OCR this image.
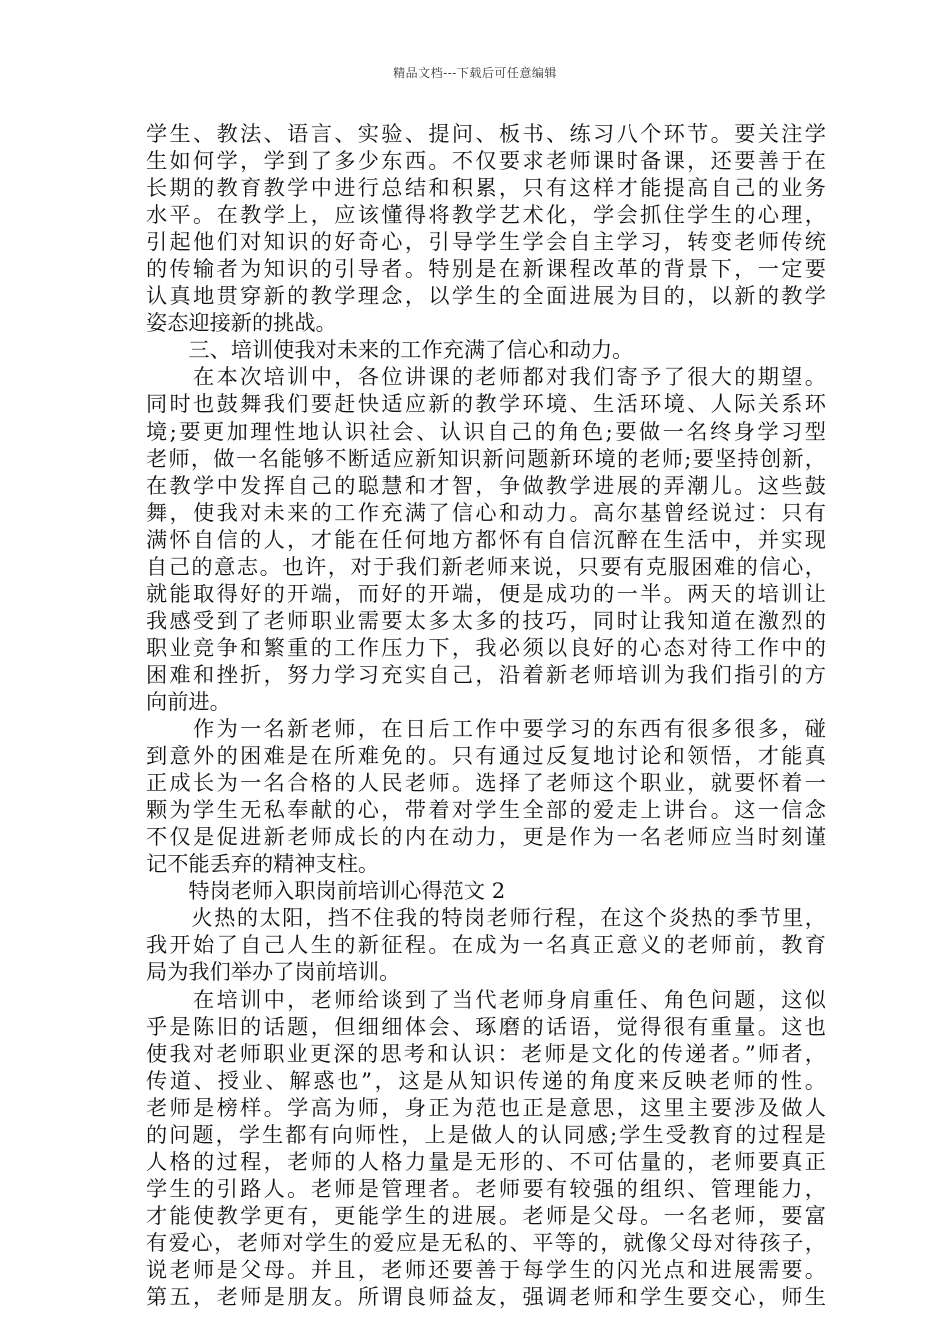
精品文档---下载后可任意编辑
学生、教法、语言、实验、提问、板书、练习八个环节。要关注学
生如何学，学到了多少东西。不仅要求老师课时备课，还要善于在
长期的教育教学中进行总结和积累，只有这样才能提高自己的业务
水平。在教学上，应该懂得将教学艺术化，学会抓住学生的心理，
引起他们对知识的好奇心，引导学生学会自主学习，转变老师传统
的传输者为知识的引导者。特别是在新课程改革的背景下，一定要
认真地贯穿新的教学理念，以学生的全面进展为目的，以新的教学
姿态迎接新的挑战。
　　三、培训使我对未来的工作充满了信心和动力。
　　在本次培训中，各位讲课的老师都对我们寄予了很大的期望。
同时也鼓舞我们要赶快适应新的教学环境、生活环境、人际关系环
境;要更加理性地认识社会、认识自己的角色;要做一名终身学习型
老师，做一名能够不断适应新知识新问题新环境的老师;要坚持创新，
在教学中发挥自己的聪慧和才智，争做教学进展的弄潮儿。这些鼓
舞，使我对未来的工作充满了信心和动力。高尔基曾经说过：只有
满怀自信的人，才能在任何地方都怀有自信沉醉在生活中，并实现
自己的意志。也许，对于我们新老师来说，只要有克服困难的信心，
就能取得好的开端，而好的开端，便是成功的一半。两天的培训让
我感受到了老师职业需要太多太多的技巧，同时让我知道在激烈的
职业竞争和繁重的工作压力下，我必须以良好的心态对待工作中的
困难和挫折，努力学习充实自己，沿着新老师培训为我们指引的方
向前进。
　　作为一名新老师，在日后工作中要学习的东西有很多很多，碰
到意外的困难是在所难免的。只有通过反复地讨论和领悟，才能真
正成长为一名合格的人民老师。选择了老师这个职业，就要怀着一
颗为学生无私奉献的心，带着对学生全部的爱走上讲台。这一信念
不仅是促进新老师成长的内在动力，更是作为一名老师应当时刻谨
记不能丢弃的精神支柱。
　　特岗老师入职岗前培训心得范文 2
　　火热的太阳，挡不住我的特岗老师行程，在这个炎热的季节里，
我开始了自己人生的新征程。在成为一名真正意义的老师前，教育
局为我们举办了岗前培训。
　　在培训中，老师给谈到了当代老师身肩重任、角色问题，这似
乎是陈旧的话题，但细细体会、琢磨的话语，觉得很有重量。这也
使我对老师职业更深的思考和认识：老师是文化的传递者。”师者，
传道、授业、解惑也”，这是从知识传递的角度来反映老师的性。
老师是榜样。学高为师，身正为范也正是意思，这里主要涉及做人
的问题，学生都有向师性，上是做人的认同感;学生受教育的过程是
人格的过程，老师的人格力量是无形的、不可估量的，老师要真正
学生的引路人。老师是管理者。老师要有较强的组织、管理能力，
才能使教学更有，更能学生的进展。老师是父母。一名老师，要富
有爱心，老师对学生的爱应是无私的、平等的，就像父母对待孩子，
说老师是父母。并且，老师还要善于每学生的闪光点和进展需要。
第五，老师是朋友。所谓良师益友，强调老师和学生要交心，师生
